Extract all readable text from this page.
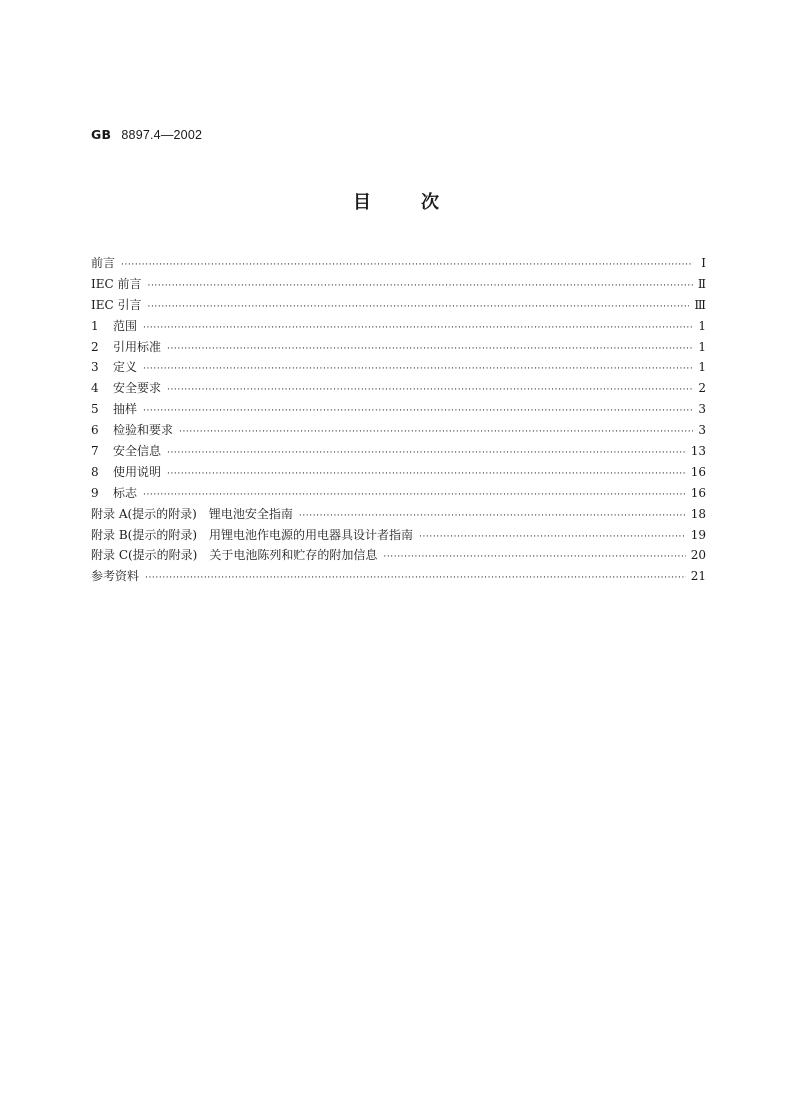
GB 8897.4—2002
目次
前言 ·····	I
IEC 前言 ·····	Ⅱ
IEC 引言 ·····	Ⅲ
1	范围 ·····	1
2	引用标准 ·····	1
3	定义 ·····	1
4	安全要求 ·····	2
5	抽样 ·····	3
6	检验和要求 ·····	3
7	安全信息 ·····	13
8	使用说明 ·····	16
9	标志 ·····	16
附录 A(提示的附录)　锂电池安全指南 ·····	18
附录 B(提示的附录)　用锂电池作电源的用电器具设计者指南 ·····	19
附录 C(提示的附录)　关于电池陈列和贮存的附加信息 ·····	20
参考资料 ·····	21
